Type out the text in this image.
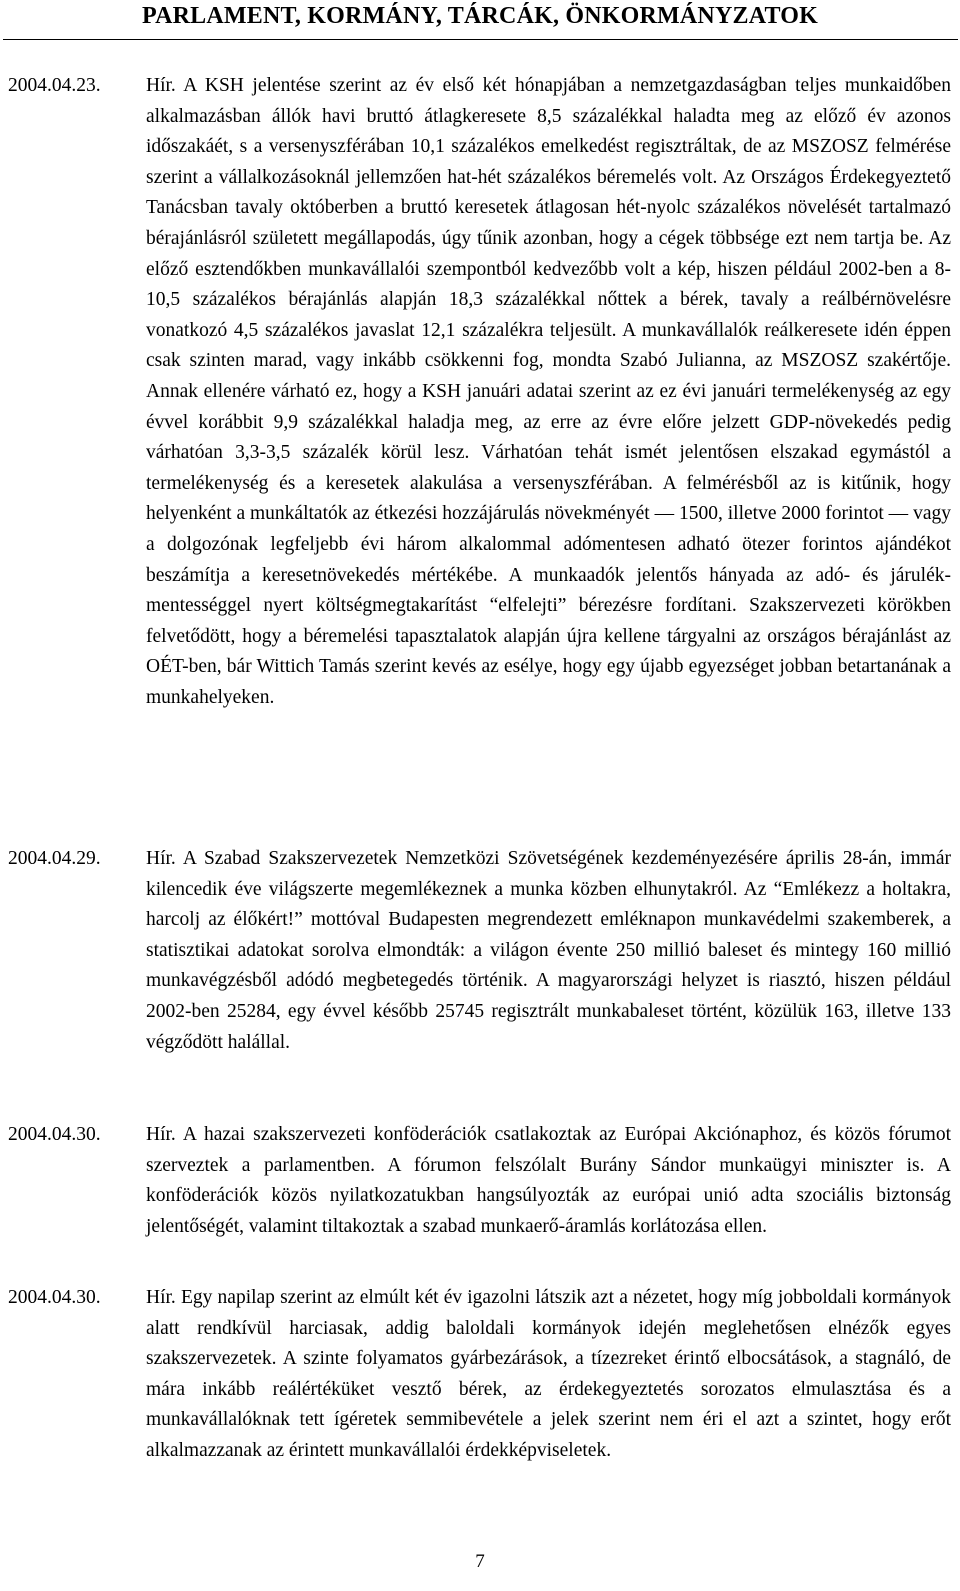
PARLAMENT, KORMÁNY, TÁRCÁK, ÖNKORMÁNYZATOK
2004.04.23. Hír. A KSH jelentése szerint az év első két hónapjában a nemzetgazdaságban teljes munkaidőben alkalmazásban állók havi bruttó átlagkeresete 8,5 százalékkal haladta meg az előző év azonos időszakáét, s a versenyszférában 10,1 százalékos emelkedést regisztráltak, de az MSZOSZ felmérése szerint a vállalkozásoknál jellemzően hat-hét százalékos béremelés volt. Az Országos Érdekegyeztető Tanácsban tavaly októberben a bruttó keresetek átlagosan hét-nyolc százalékos növelését tartalmazó bérajánlásról született megállapodás, úgy tűnik azonban, hogy a cégek többsége ezt nem tartja be. Az előző esztendőkben munkavállalói szempontból kedvezőbb volt a kép, hiszen például 2002-ben a 8-10,5 százalékos bérajánlás alapján 18,3 százalékkal nőttek a bérek, tavaly a reálbérnövelésre vonatkozó 4,5 százalékos javaslat 12,1 százalékra teljesült. A munkavállalók reálkeresete idén éppen csak szinten marad, vagy inkább csökkenni fog, mondta Szabó Julianna, az MSZOSZ szakértője. Annak ellenére várható ez, hogy a KSH januári adatai szerint az ez évi januári termelékenység az egy évvel korábbit 9,9 százalékkal haladja meg, az erre az évre előre jelzett GDP-növekedés pedig várhatóan 3,3-3,5 százalék körül lesz. Várhatóan tehát ismét jelentősen elszakad egymástól a termelékenység és a keresetek alakulása a versenyszférában. A felmérésből az is kitűnik, hogy helyenként a munkáltatók az étkezési hozzájárulás növekményét — 1500, illetve 2000 forintot — vagy a dolgozónak legfeljebb évi három alkalommal adómentesen adható ötezer forintos ajándékot beszámítja a keresetnövekedés mértékébe. A munkaadók jelentős hányada az adó- és járulék-mentességgel nyert költségmegtakarítást “elfelejti” bérezésre fordítani. Szakszervezeti körökben felvetődött, hogy a béremelési tapasztalatok alapján újra kellene tárgyalni az országos bérajánlást az OÉT-ben, bár Wittich Tamás szerint kevés az esélye, hogy egy újabb egyezséget jobban betartanának a munkahelyeken.
2004.04.29. Hír. A Szabad Szakszervezetek Nemzetközi Szövetségének kezdeményezésére április 28-án, immár kilencedik éve világszerte megemlékeznek a munka közben elhunytakról. Az “Emlékezz a holtakra, harcolj az élőkért!” mottóval Budapesten megrendezett emléknapon munkavédelmi szakemberek, a statisztikai adatokat sorolva elmondták: a világon évente 250 millió baleset és mintegy 160 millió munkavégzésből adódó megbetegedés történik. A magyarországi helyzet is riasztó, hiszen például 2002-ben 25284, egy évvel később 25745 regisztrált munkabaleset történt, közülük 163, illetve 133 végződött halállal.
2004.04.30. Hír. A hazai szakszervezeti konföderációk csatlakoztak az Európai Akciónaphoz, és közös fórumot szerveztek a parlamentben. A fórumon felszólalt Burány Sándor munkaügyi miniszter is. A konföderációk közös nyilatkozatukban hangsúlyozták az európai unió adta szociális biztonság jelentőségét, valamint tiltakoztak a szabad munkaerő-áramlás korlátozása ellen.
2004.04.30. Hír. Egy napilap szerint az elmúlt két év igazolni látszik azt a nézetet, hogy míg jobboldali kormányok alatt rendkívül harciasak, addig baloldali kormányok idején meglehetősen elnézők egyes szakszervezetek. A szinte folyamatos gyárbezárások, a tízezreket érintő elbocsátások, a stagnáló, de mára inkább reálértéküket vesztő bérek, az érdekegyeztetés sorozatos elmulasztása és a munkavállalóknak tett ígéretek semmibevétele a jelek szerint nem éri el azt a szintet, hogy erőt alkalmazzanak az érintett munkavállalói érdekképviseletek.
7
